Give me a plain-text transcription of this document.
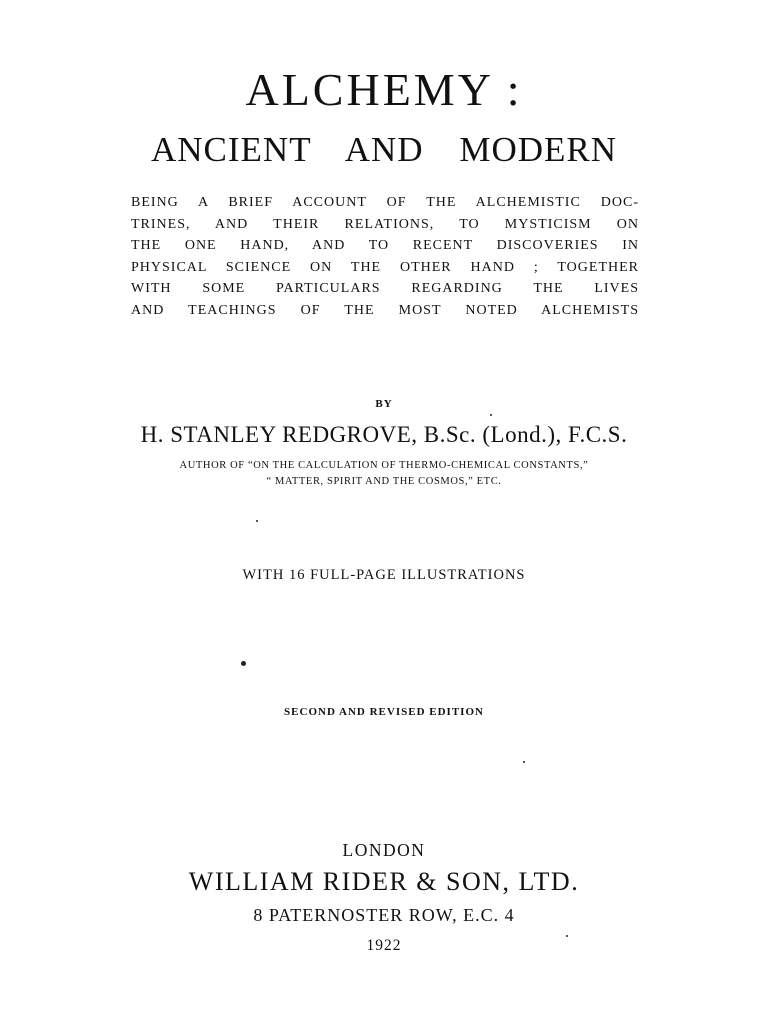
ALCHEMY :
ANCIENT AND MODERN
BEING A BRIEF ACCOUNT OF THE ALCHEMISTIC DOC-
TRINES, AND THEIR RELATIONS, TO MYSTICISM ON
THE ONE HAND, AND TO RECENT DISCOVERIES IN
PHYSICAL SCIENCE ON THE OTHER HAND ; TOGETHER
WITH SOME PARTICULARS REGARDING THE LIVES
AND TEACHINGS OF THE MOST NOTED ALCHEMISTS
BY
H. STANLEY REDGROVE, B.Sc. (Lond.), F.C.S.
AUTHOR OF “ON THE CALCULATION OF THERMO-CHEMICAL CONSTANTS,”
“ MATTER, SPIRIT AND THE COSMOS,” ETC.
WITH 16 FULL-PAGE ILLUSTRATIONS
SECOND AND REVISED EDITION
LONDON
WILLIAM RIDER & SON, LTD.
8 PATERNOSTER ROW, E.C. 4
1922
